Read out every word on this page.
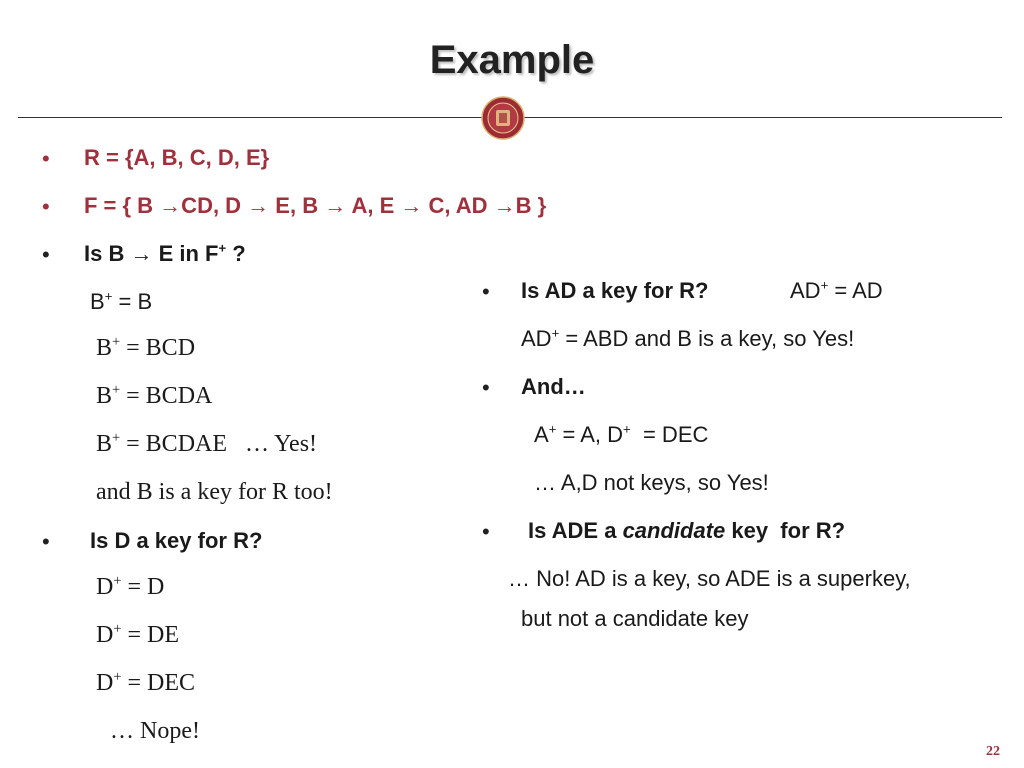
Example
• R = {A, B, C, D, E}
• F = { B →CD, D → E, B → A, E → C, AD →B }
• Is B → E in F+ ?
B+ = B
B+ = BCD
B+ = BCDA
B+ = BCDAE   … Yes!
and B is a key for R too!
• Is D a key for R?
D+ = D
D+ = DE
D+ = DEC
… Nope!
• Is AD a key for R?	AD+ = AD
AD+ = ABD and B is a key, so Yes!
• And…
A+ = A, D+  = DEC
… A,D not keys, so Yes!
• Is ADE a candidate key  for R?
… No! AD is a key, so ADE is a superkey,
but not a candidate key
22
